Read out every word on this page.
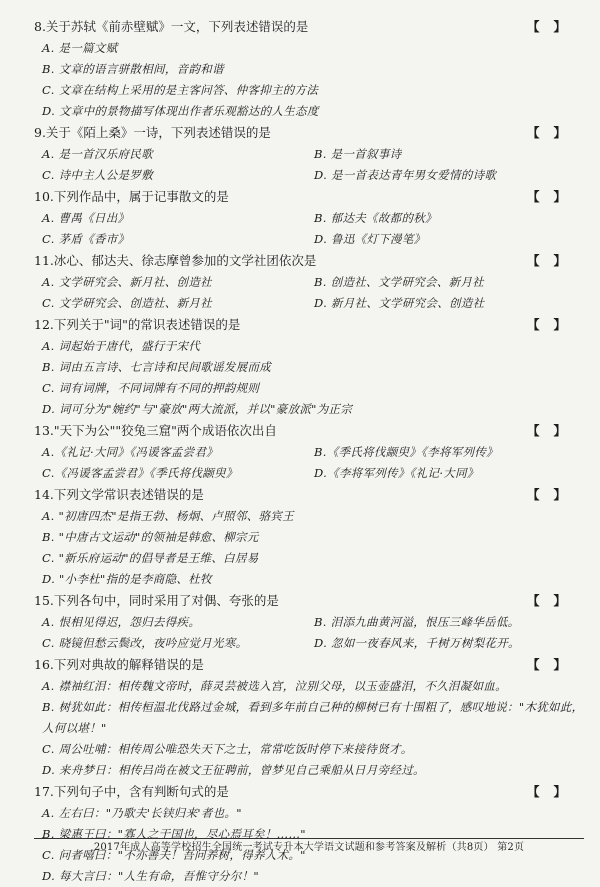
8.关于苏轼《前赤壁赋》一文，下列表述错误的是	【】
A. 是一篇文赋
B. 文章的语言骈散相间，音韵和谐
C. 文章在结构上采用的是主客问答、仲客抑主的方法
D. 文章中的景物描写体现出作者乐观豁达的人生态度
9.关于《陌上桑》一诗，下列表述错误的是	【】
A. 是一首汉乐府民歌	B. 是一首叙事诗
C. 诗中主人公是罗敷	D. 是一首表达青年男女爱情的诗歌
10.下列作品中，属于记事散文的是	【】
A. 曹禺《日出》	B. 郁达夫《故都的秋》
C. 茅盾《香市》	D. 鲁迅《灯下漫笔》
11.冰心、郁达夫、徐志摩曾参加的文学社团依次是	【】
A. 文学研究会、新月社、创造社	B. 创造社、文学研究会、新月社
C. 文学研究会、创造社、新月社	D. 新月社、文学研究会、创造社
12.下列关于"词"的常识表述错误的是	【】
A. 词起始于唐代，盛行于宋代
B. 词由五言诗、七言诗和民间歌谣发展而成
C. 词有词牌，不同词牌有不同的押韵规则
D. 词可分为"婉约"与"豪放"两大流派，并以"豪放派"为正宗
13."天下为公""狡兔三窟"两个成语依次出自	【】
A.《礼记·大同》《冯谖客孟尝君》	B.《季氏将伐颛臾》《李将军列传》
C.《冯谖客孟尝君》《季氏将伐颛臾》	D.《李将军列传》《礼记·大同》
14.下列文学常识表述错误的是	【】
A. "初唐四杰"是指王勃、杨炯、卢照邻、骆宾王
B. "中唐古文运动"的领袖是韩愈、柳宗元
C. "新乐府运动"的倡导者是王维、白居易
D. "小李杜"指的是李商隐、杜牧
15.下列各句中，同时采用了对偶、夸张的是	【】
A. 恨相见得迟，怨归去得疾。	B. 泪添九曲黄河溢，恨压三峰华岳低。
C. 晓镜但愁云鬓改，夜吟应觉月光寒。	D. 忽如一夜春风来，千树万树梨花开。
16.下列对典故的解释错误的是	【】
A. 襟袖红泪：相传魏文帝时，薛灵芸被选入宫，泣别父母，以玉壶盛泪，不久泪凝如血。
B. 树犹如此：相传桓温北伐路过金城，看到多年前自己种的柳树已有十围粗了，感叹地说："木犹如此，人何以堪！"
C. 周公吐哺：相传周公唯恐失天下之士，常常吃饭时停下来接待贤才。
D. 来舟梦日：相传吕尚在被文王征聘前，曾梦见自己乘船从日月旁经过。
17.下列句子中，含有判断句式的是	【】
A. 左右曰："乃歌夫'长铗归来'者也。"
B. 梁惠王曰："寡人之于国也，尽心焉耳矣！……"
C. 问者嘻曰："不亦善夫！吾问养树，得养人术。"
D. 每大言曰："人生有命，吾惟守分尔！"
2017年成人高等学校招生全国统一考试专升本大学语文试题和参考答案及解析（共8页） 第2页
